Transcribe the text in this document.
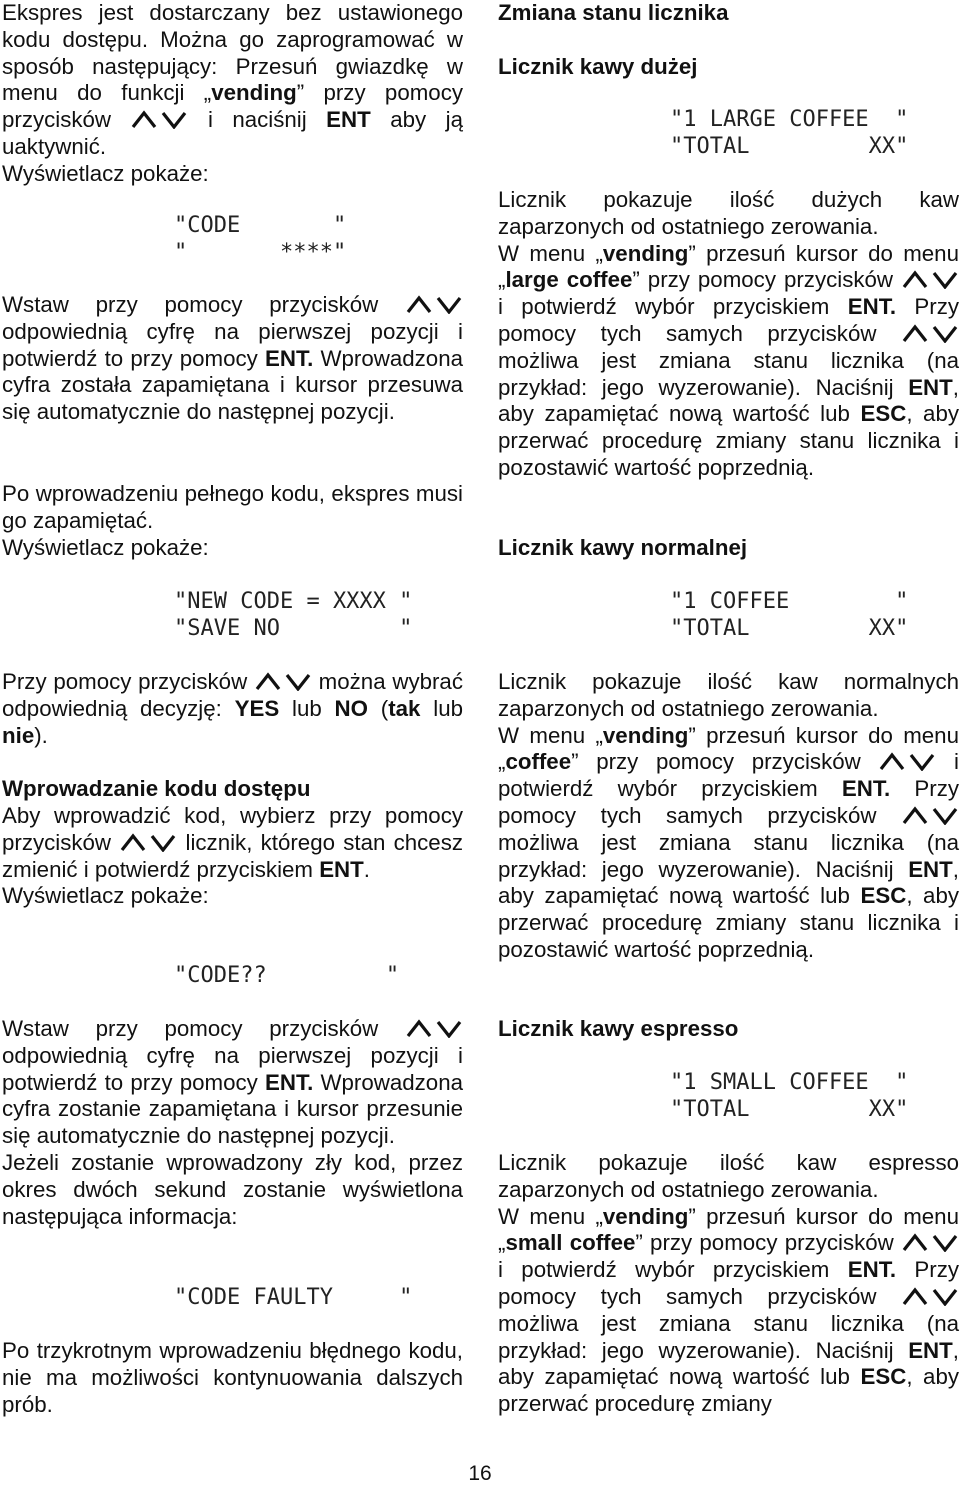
Ekspres jest dostarczany bez ustawionego kodu dostępu. Można go zaprogramować w sposób następujący: Przesuń gwiazdkę w menu do funkcji „vending” przy pomocy przycisków	i naciśnij ENT aby ją uaktywnić.
Wyświetlacz pokaże:
"CODE       "
"       ****"
Wstaw przy pomocy przycisków
odpowiednią cyfrę na pierwszej pozycji i potwierdź to przy pomocy ENT. Wprowadzona cyfra została zapamiętana i kursor przesuwa się automatycznie do następnej pozycji.
Po wprowadzeniu pełnego kodu, ekspres musi go zapamiętać.
Wyświetlacz pokaże:
"NEW CODE = XXXX "
"SAVE NO         "
Przy pomocy przycisków	można wybrać odpowiednią decyzję: YES lub NO (tak lub nie).
Wprowadzanie kodu dostępu
Aby wprowadzić kod, wybierz przy pomocy przycisków	licznik, którego stan chcesz zmienić i potwierdź przyciskiem ENT.
Wyświetlacz pokaże:
"CODE??         "
Wstaw przy pomocy przycisków
odpowiednią cyfrę na pierwszej pozycji i potwierdź to przy pomocy ENT. Wprowadzona cyfra zostanie zapamiętana i kursor przesunie się automatycznie do następnej pozycji.
Jeżeli zostanie wprowadzony zły kod, przez okres dwóch sekund zostanie wyświetlona następująca informacja:
"CODE FAULTY     "
Po trzykrotnym wprowadzeniu błędnego kodu, nie ma możliwości kontynuowania dalszych prób.
Zmiana stanu licznika
Licznik kawy dużej
"1 LARGE COFFEE  "
"TOTAL         XX"
Licznik pokazuje ilość dużych kaw zaparzonych od ostatniego zerowania.
W menu „vending” przesuń kursor do menu „large coffee” przy pomocy przycisków
i potwierdź wybór przyciskiem ENT. Przy pomocy tych samych przycisków
możliwa jest zmiana stanu licznika (na przykład: jego wyzerowanie). Naciśnij ENT, aby zapamiętać nową wartość lub ESC, aby przerwać procedurę zmiany stanu licznika i pozostawić wartość poprzednią.
Licznik kawy normalnej
"1 COFFEE        "
"TOTAL         XX"
Licznik pokazuje ilość kaw normalnych zaparzonych od ostatniego zerowania.
W menu „vending” przesuń kursor do menu „coffee” przy pomocy przycisków	i potwierdź wybór przyciskiem ENT. Przy pomocy tych samych przycisków
możliwa jest zmiana stanu licznika (na przykład: jego wyzerowanie). Naciśnij ENT, aby zapamiętać nową wartość lub ESC, aby przerwać procedurę zmiany stanu licznika i pozostawić wartość poprzednią.
Licznik kawy espresso
"1 SMALL COFFEE  "
"TOTAL         XX"
Licznik pokazuje ilość kaw espresso zaparzonych od ostatniego zerowania.
W menu „vending” przesuń kursor do menu „small coffee” przy pomocy przycisków
i potwierdź wybór przyciskiem ENT. Przy pomocy tych samych przycisków
możliwa jest zmiana stanu licznika (na przykład: jego wyzerowanie). Naciśnij ENT, aby zapamiętać nową wartość lub ESC, aby przerwać procedurę zmiany
16
